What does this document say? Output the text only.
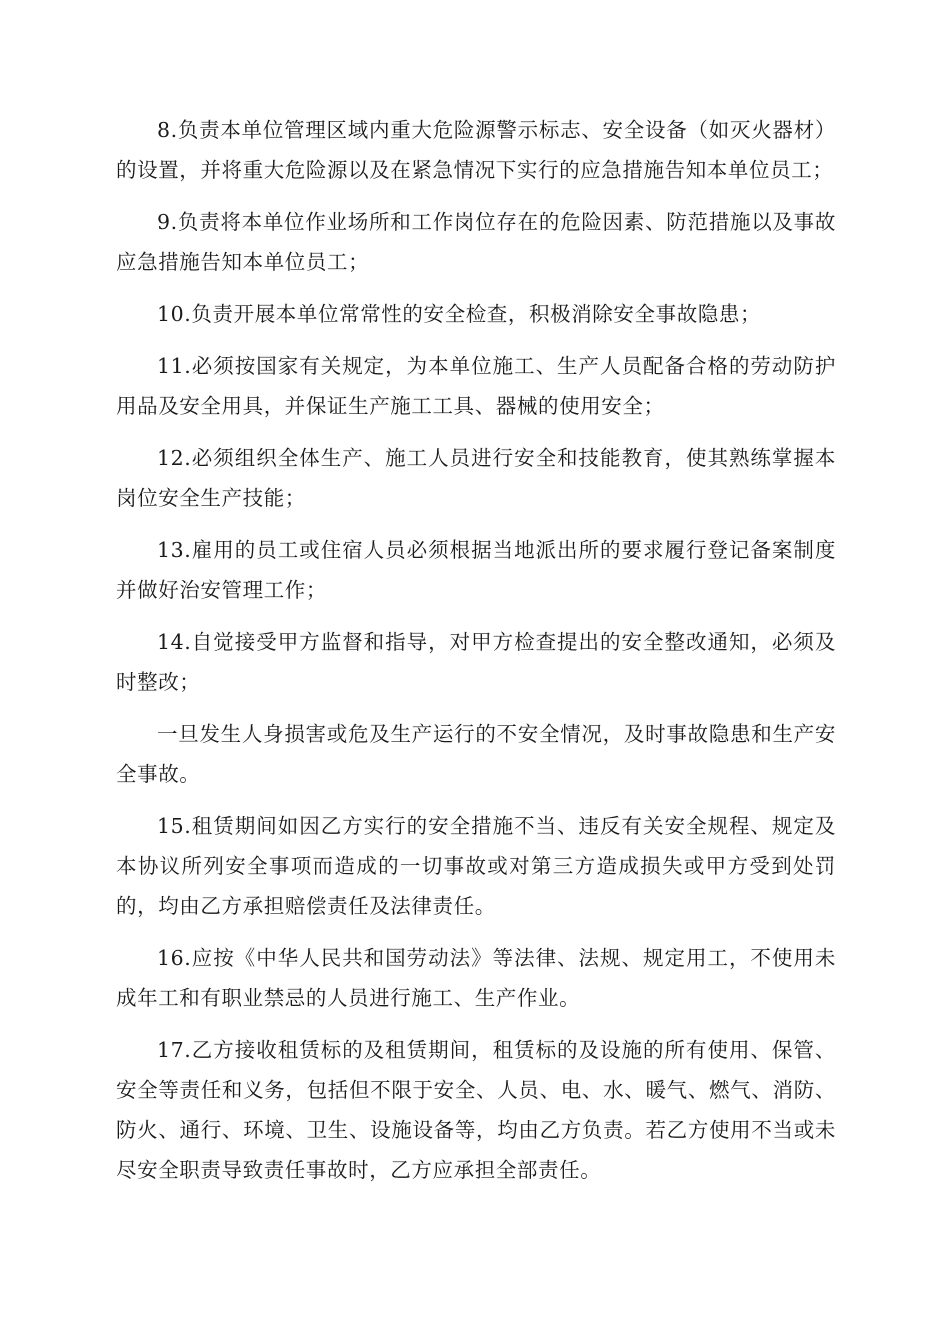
8.负责本单位管理区域内重大危险源警示标志、安全设备（如灭火器材）的设置，并将重大危险源以及在紧急情况下实行的应急措施告知本单位员工；

9.负责将本单位作业场所和工作岗位存在的危险因素、防范措施以及事故应急措施告知本单位员工；

10.负责开展本单位常常性的安全检查，积极消除安全事故隐患；

11.必须按国家有关规定，为本单位施工、生产人员配备合格的劳动防护用品及安全用具，并保证生产施工工具、器械的使用安全；

12.必须组织全体生产、施工人员进行安全和技能教育，使其熟练掌握本岗位安全生产技能；

13.雇用的员工或住宿人员必须根据当地派出所的要求履行登记备案制度并做好治安管理工作；

14.自觉接受甲方监督和指导，对甲方检查提出的安全整改通知，必须及时整改；

一旦发生人身损害或危及生产运行的不安全情况，及时事故隐患和生产安全事故。

15.租赁期间如因乙方实行的安全措施不当、违反有关安全规程、规定及本协议所列安全事项而造成的一切事故或对第三方造成损失或甲方受到处罚的，均由乙方承担赔偿责任及法律责任。

16.应按《中华人民共和国劳动法》等法律、法规、规定用工，不使用未成年工和有职业禁忌的人员进行施工、生产作业。

17.乙方接收租赁标的及租赁期间，租赁标的及设施的所有使用、保管、安全等责任和义务，包括但不限于安全、人员、电、水、暖气、燃气、消防、防火、通行、环境、卫生、设施设备等，均由乙方负责。若乙方使用不当或未尽安全职责导致责任事故时，乙方应承担全部责任。
